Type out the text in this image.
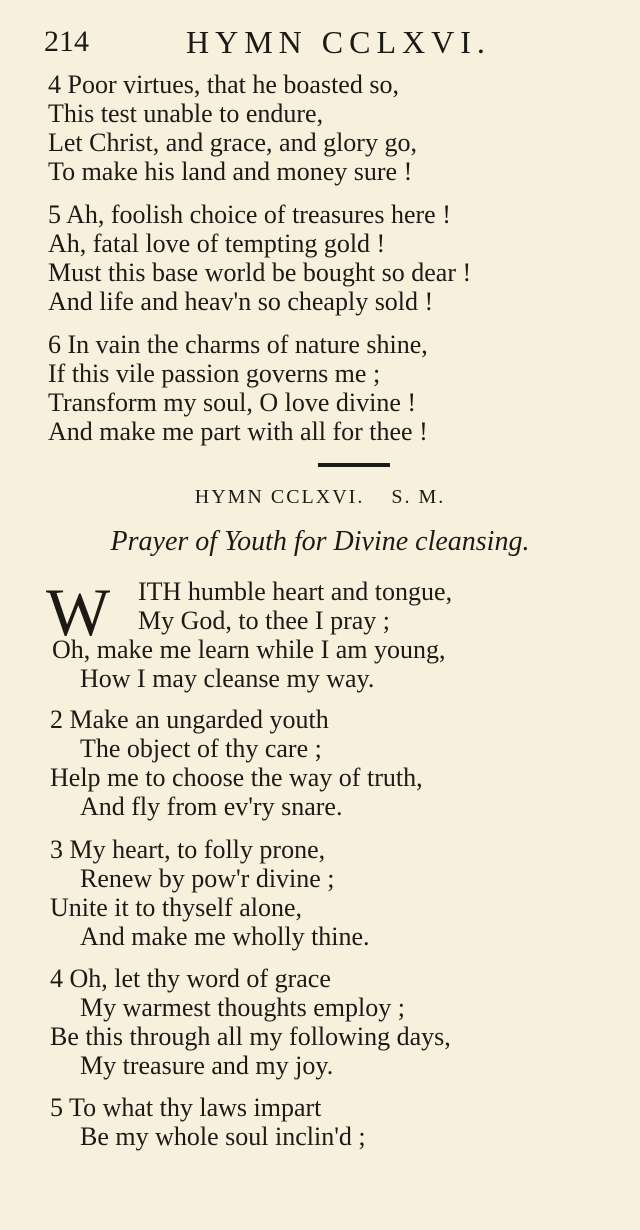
214	HYMN CCLXVI.
4 Poor virtues, that he boasted so,
This test unable to endure,
Let Christ, and grace, and glory go,
To make his land and money sure !
5 Ah, foolish choice of treasures here !
Ah, fatal love of tempting gold !
Must this base world be bought so dear !
And life and heav'n so cheaply sold !
6 In vain the charms of nature shine,
If this vile passion governs me ;
Transform my soul, O love divine !
And make me part with all for thee !
HYMN CCLXVI. S. M.
Prayer of Youth for Divine cleansing.
W ITH humble heart and tongue,
My God, to thee I pray ;
Oh, make me learn while I am young,
How I may cleanse my way.
2 Make an ungarded youth
The object of thy care ;
Help me to choose the way of truth,
And fly from ev'ry snare.
3 My heart, to folly prone,
Renew by pow'r divine ;
Unite it to thyself alone,
And make me wholly thine.
4 Oh, let thy word of grace
My warmest thoughts employ ;
Be this through all my following days,
My treasure and my joy.
5 To what thy laws impart
Be my whole soul inclin'd ;
